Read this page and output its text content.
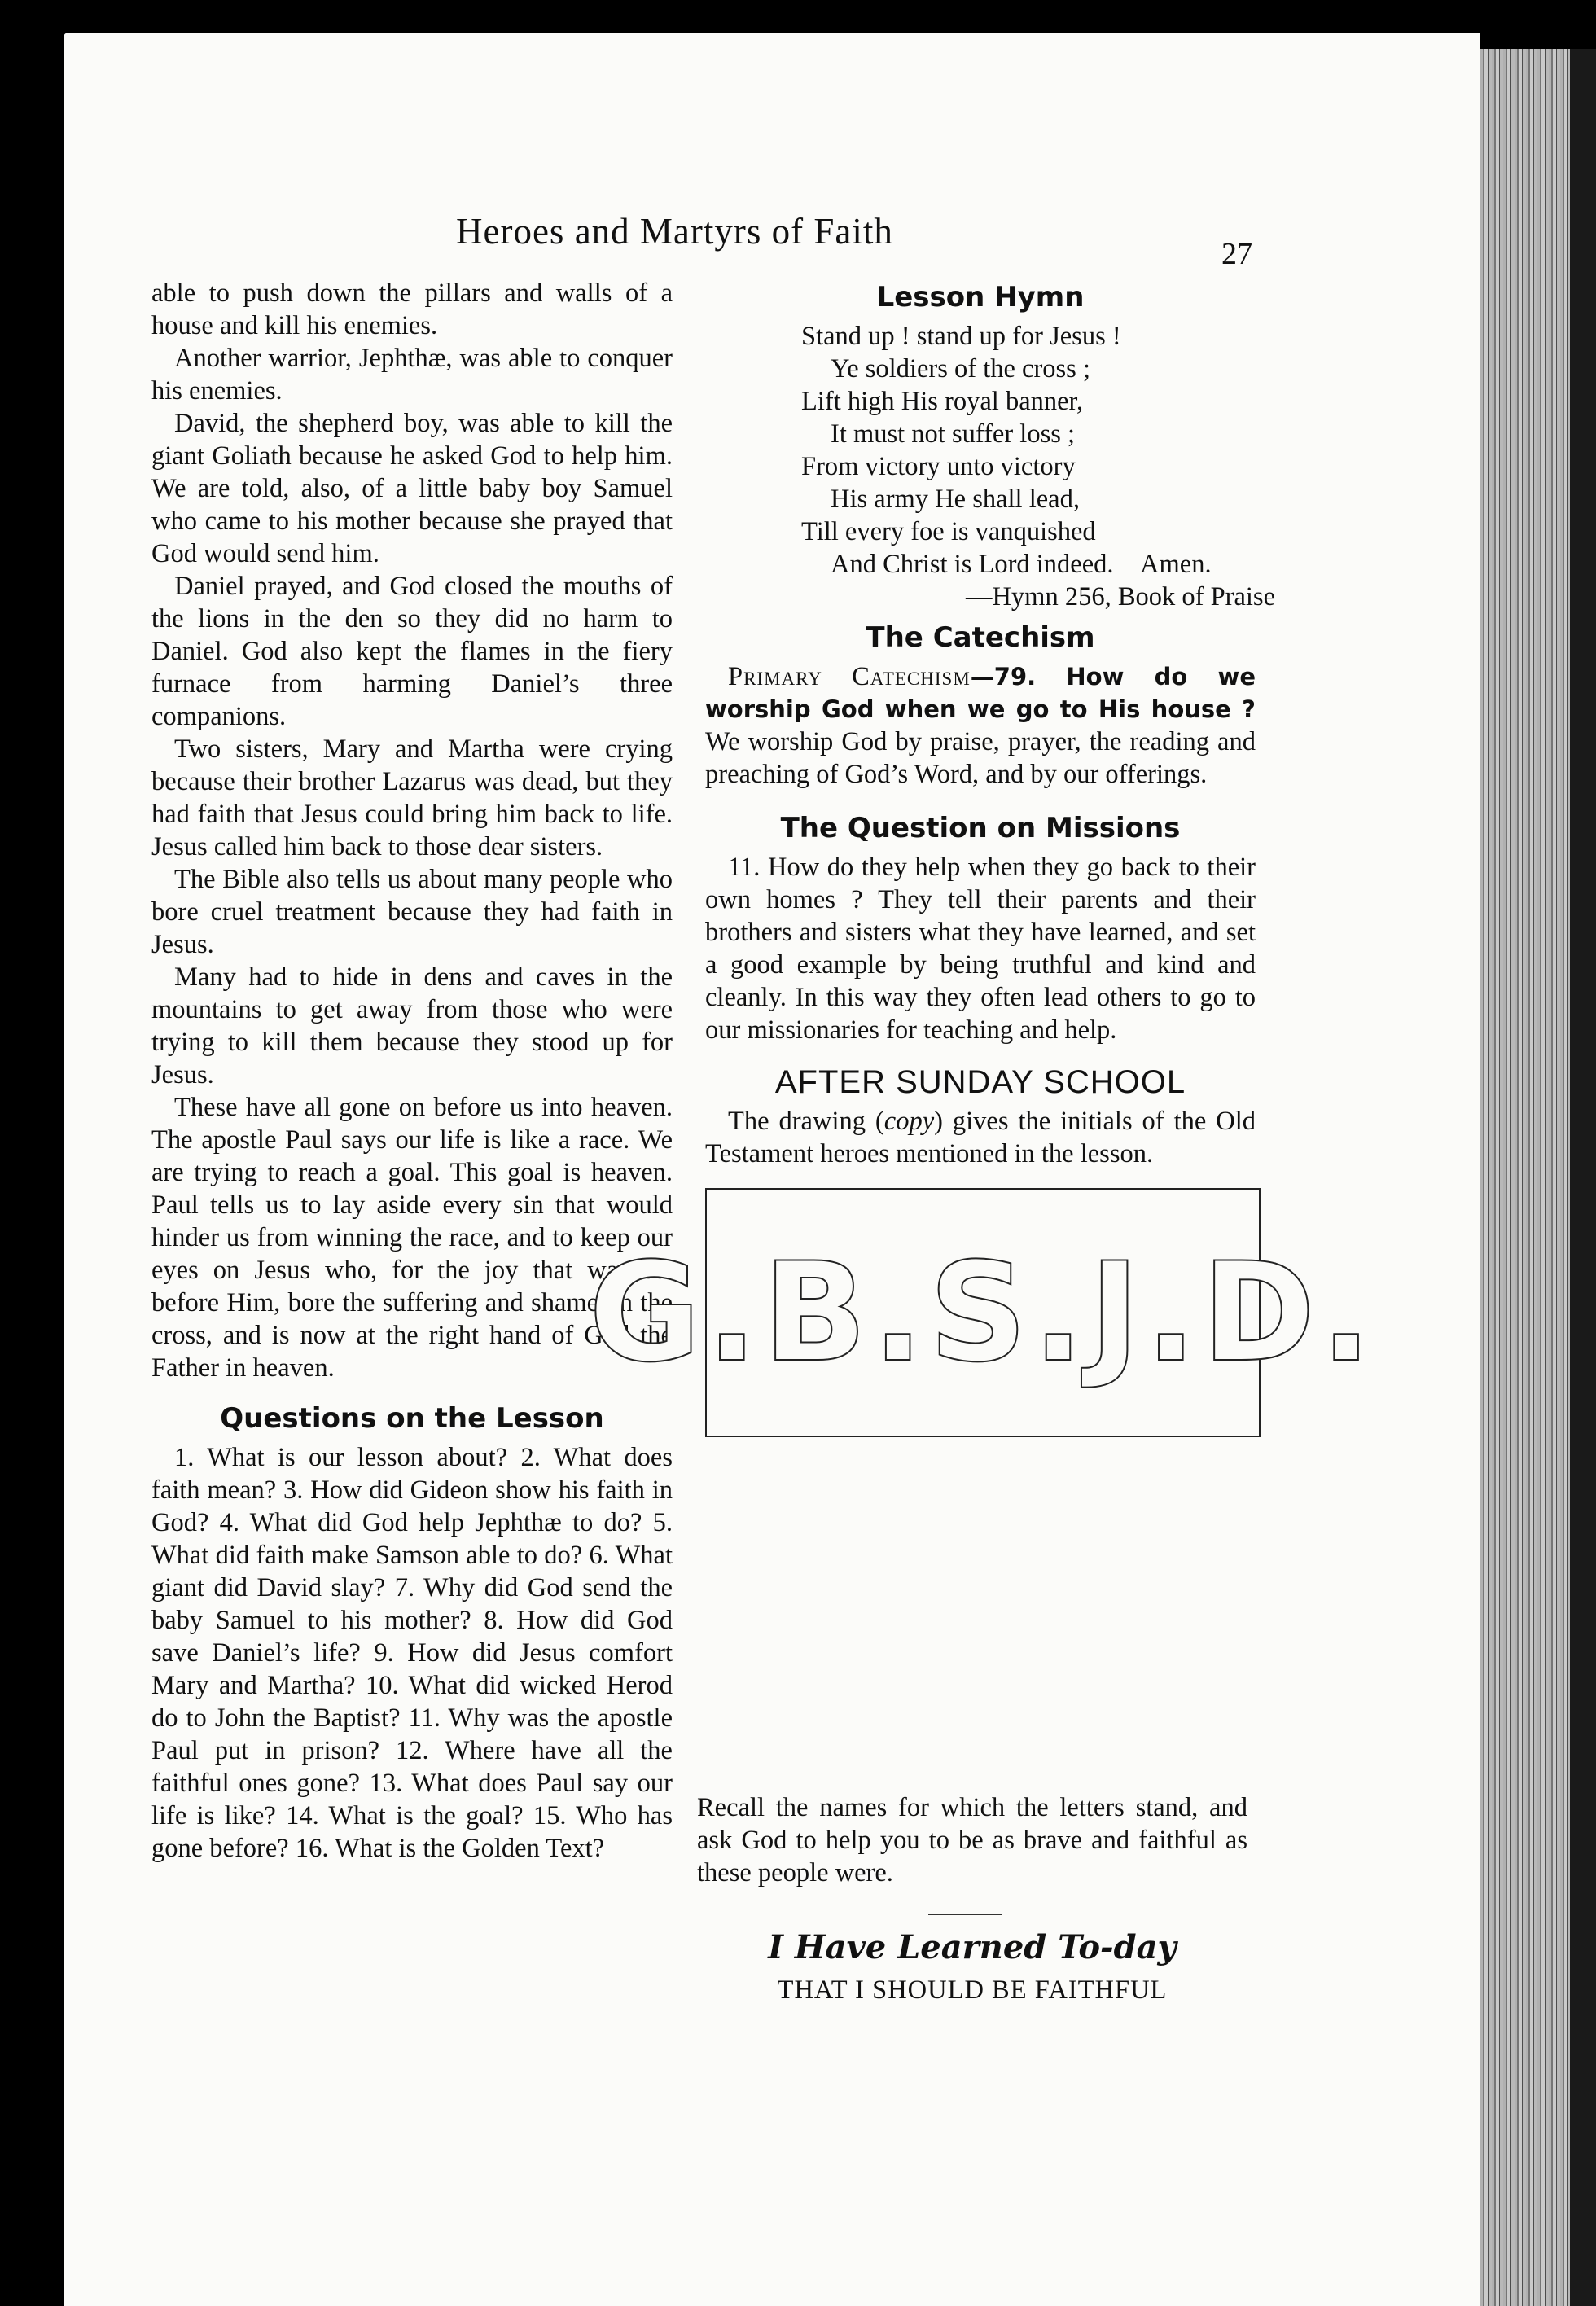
Heroes and Martyrs of Faith
27

able to push down the pillars and walls of a house and kill his enemies.

Another warrior, Jephthæ, was able to conquer his enemies.

David, the shepherd boy, was able to kill the giant Goliath because he asked God to help him. We are told, also, of a little baby boy Samuel who came to his mother because she prayed that God would send him.

Daniel prayed, and God closed the mouths of the lions in the den so they did no harm to Daniel. God also kept the flames in the fiery furnace from harming Daniel’s three companions.

Two sisters, Mary and Martha were crying because their brother Lazarus was dead, but they had faith that Jesus could bring him back to life. Jesus called him back to those dear sisters.

The Bible also tells us about many people who bore cruel treatment because they had faith in Jesus.

Many had to hide in dens and caves in the mountains to get away from those who were trying to kill them because they stood up for Jesus.

These have all gone on before us into heaven. The apostle Paul says our life is like a race. We are trying to reach a goal. This goal is heaven. Paul tells us to lay aside every sin that would hinder us from winning the race, and to keep our eyes on Jesus who, for the joy that was set before Him, bore the suffering and shame on the cross, and is now at the right hand of God the Father in heaven.

Questions on the Lesson

1. What is our lesson about? 2. What does faith mean? 3. How did Gideon show his faith in God? 4. What did God help Jephthæ to do? 5. What did faith make Samson able to do? 6. What giant did David slay? 7. Why did God send the baby Samuel to his mother? 8. How did God save Daniel’s life? 9. How did Jesus comfort Mary and Martha? 10. What did wicked Herod do to John the Baptist? 11. Why was the apostle Paul put in prison? 12. Where have all the faithful ones gone? 13. What does Paul say our life is like? 14. What is the goal? 15. Who has gone before? 16. What is the Golden Text?

Lesson Hymn
Stand up ! stand up for Jesus !
Ye soldiers of the cross ;
Lift high His royal banner,
It must not suffer loss ;
From victory unto victory
His army He shall lead,
Till every foe is vanquished
And Christ is Lord indeed. Amen.
—Hymn 256, Book of Praise
The Catechism

Primary Catechism—79. How do we worship God when we go to His house ? We worship God by praise, prayer, the reading and preaching of God’s Word, and by our offerings.

The Question on Missions

11. How do they help when they go back to their own homes ? They tell their parents and their brothers and sisters what they have learned, and set a good example by being truthful and kind and cleanly. In this way they often lead others to go to our missionaries for teaching and help.

AFTER SUNDAY SCHOOL

The drawing (copy) gives the initials of the Old Testament heroes mentioned in the lesson.

G.B.S.J.D.

Recall the names for which the letters stand, and ask God to help you to be as brave and faithful as these people were.

I Have Learned To-day
THAT I SHOULD BE FAITHFUL
